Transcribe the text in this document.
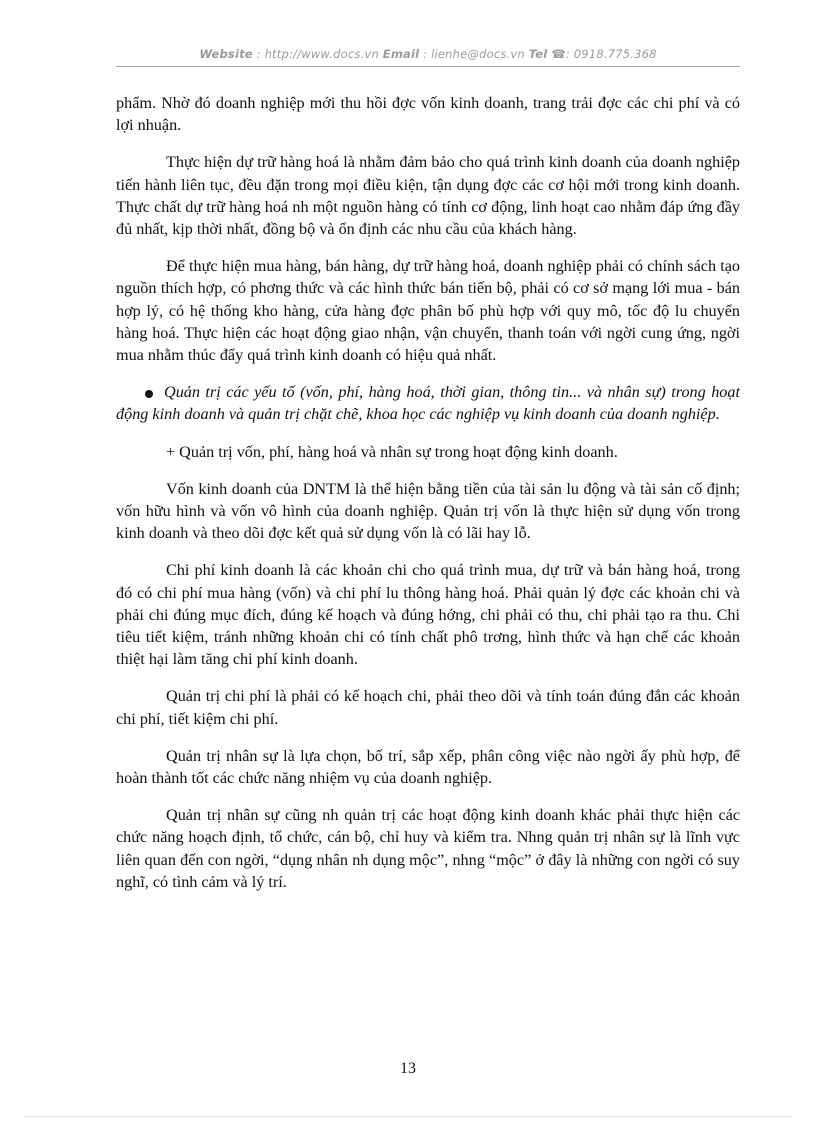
Website : http://www.docs.vn Email : lienhe@docs.vn Tel ☎: 0918.775.368

phẩm. Nhờ đó doanh nghiệp mới thu hồi đợc vốn kinh doanh, trang trải đợc các chi phí và có lợi nhuận.

Thực hiện dự trữ hàng hoá là nhằm đảm bảo cho quá trình kinh doanh của doanh nghiệp tiến hành liên tục, đều đặn trong mọi điều kiện, tận dụng đợc các cơ hội mới trong kinh doanh. Thực chất dự trữ hàng hoá nh một nguồn hàng có tính cơ động, linh hoạt cao nhằm đáp ứng đầy đủ nhất, kịp thời nhất, đồng bộ và ổn định các nhu cầu của khách hàng.

Để thực hiện mua hàng, bán hàng, dự trữ hàng hoá, doanh nghiệp phải có chính sách tạo nguồn thích hợp, có phơng thức và các hình thức bán tiến bộ, phải có cơ sở mạng lới mua - bán hợp lý, có hệ thống kho hàng, cửa hàng đợc phân bố phù hợp với quy mô, tốc độ lu chuyển hàng hoá. Thực hiện các hoạt động giao nhận, vận chuyển, thanh toán với ngời cung ứng, ngời mua nhằm thúc đẩy quá trình kinh doanh có hiệu quả nhất.

Quản trị các yếu tố (vốn, phí, hàng hoá, thời gian, thông tin... và nhân sự) trong hoạt động kinh doanh và quản trị chặt chẽ, khoa học các nghiệp vụ kinh doanh của doanh nghiệp.

+ Quản trị vốn, phí, hàng hoá và nhân sự trong hoạt động kinh doanh.

Vốn kinh doanh của DNTM là thể hiện bằng tiền của tài sản lu động và tài sản cố định; vốn hữu hình và vốn vô hình của doanh nghiệp. Quản trị vốn là thực hiện sử dụng vốn trong kinh doanh và theo dõi đợc kết quả sử dụng vốn là có lãi hay lỗ.

Chi phí kinh doanh là các khoản chi cho quá trình mua, dự trữ và bán hàng hoá, trong đó có chi phí mua hàng (vốn) và chi phí lu thông hàng hoá. Phải quản lý đợc các khoản chi và phải chi đúng mục đích, đúng kế hoạch và đúng hớng, chi phải có thu, chi phải tạo ra thu. Chi tiêu tiết kiệm, tránh những khoản chi có tính chất phô trơng, hình thức và hạn chế các khoản thiệt hại làm tăng chi phí kinh doanh.

Quản trị chi phí là phải có kế hoạch chi, phải theo dõi và tính toán đúng đắn các khoản chi phí, tiết kiệm chi phí.

Quản trị nhân sự là lựa chọn, bố trí, sắp xếp, phân công việc nào ngời ấy phù hợp, để hoàn thành tốt các chức năng nhiệm vụ của doanh nghiệp.

Quản trị nhân sự cũng nh quản trị các hoạt động kinh doanh khác phải thực hiện các chức năng hoạch định, tổ chức, cán bộ, chỉ huy và kiểm tra. Nhng quản trị nhân sự là lĩnh vực liên quan đến con ngời, “dụng nhân nh dụng mộc”, nhng “mộc” ở đây là những con ngời có suy nghĩ, có tình cảm và lý trí.

13
